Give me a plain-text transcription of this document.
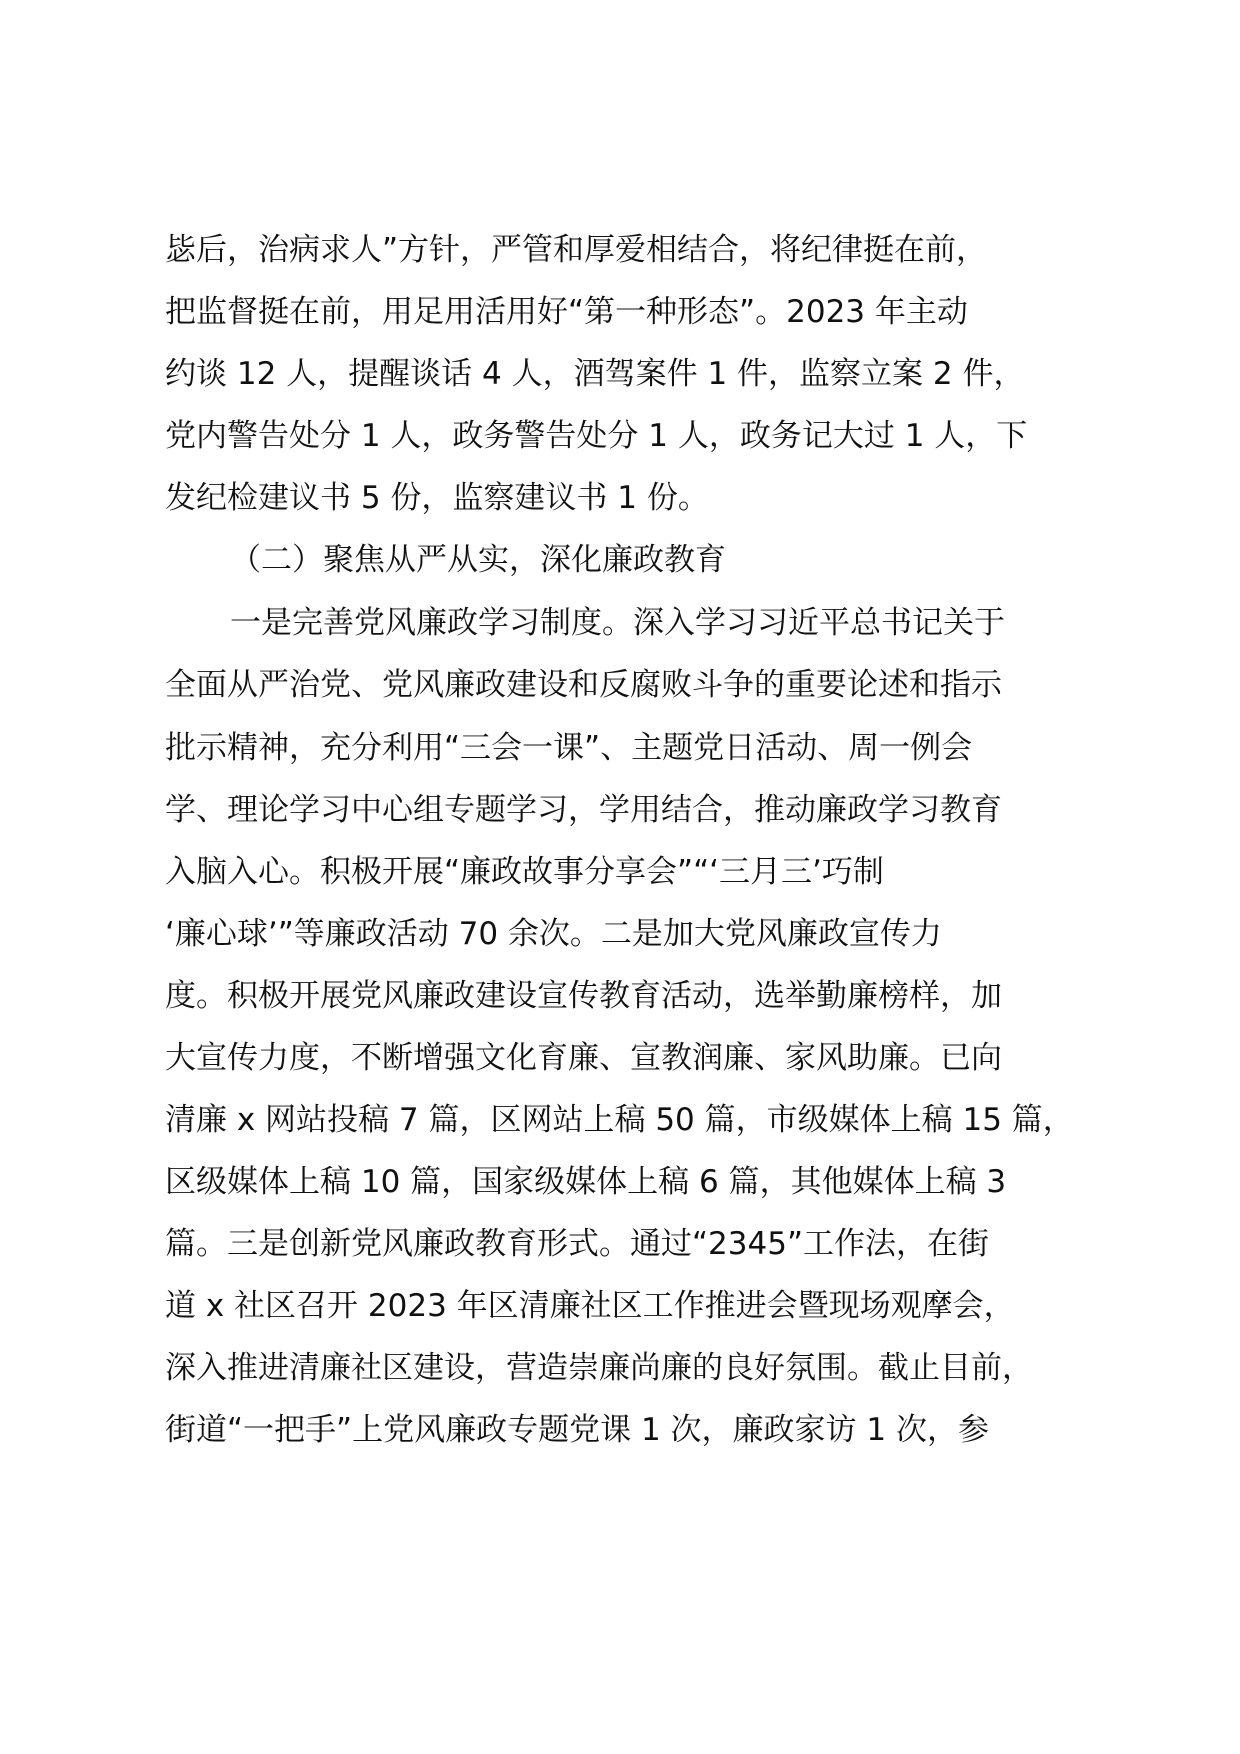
毖后，治病求人”方针，严管和厚爱相结合，将纪律挺在前，
把监督挺在前，用足用活用好“第一种形态”。2023 年主动
约谈 12 人，提醒谈话 4 人，酒驾案件 1 件，监察立案 2 件，
党内警告处分 1 人，政务警告处分 1 人，政务记大过 1 人，下
发纪检建议书 5 份，监察建议书 1 份。
（二）聚焦从严从实，深化廉政教育
一是完善党风廉政学习制度。深入学习习近平总书记关于
全面从严治党、党风廉政建设和反腐败斗争的重要论述和指示
批示精神，充分利用“三会一课”、主题党日活动、周一例会
学、理论学习中心组专题学习，学用结合，推动廉政学习教育
入脑入心。积极开展“廉政故事分享会”“‘三月三’巧制
‘廉心球’”等廉政活动 70 余次。二是加大党风廉政宣传力
度。积极开展党风廉政建设宣传教育活动，选举勤廉榜样，加
大宣传力度，不断增强文化育廉、宣教润廉、家风助廉。已向
清廉 x 网站投稿 7 篇，区网站上稿 50 篇，市级媒体上稿 15 篇，
区级媒体上稿 10 篇，国家级媒体上稿 6 篇，其他媒体上稿 3
篇。三是创新党风廉政教育形式。通过“2345”工作法，在街
道 x 社区召开 2023 年区清廉社区工作推进会暨现场观摩会，
深入推进清廉社区建设，营造崇廉尚廉的良好氛围。截止目前，
街道“一把手”上党风廉政专题党课 1 次，廉政家访 1 次，参
